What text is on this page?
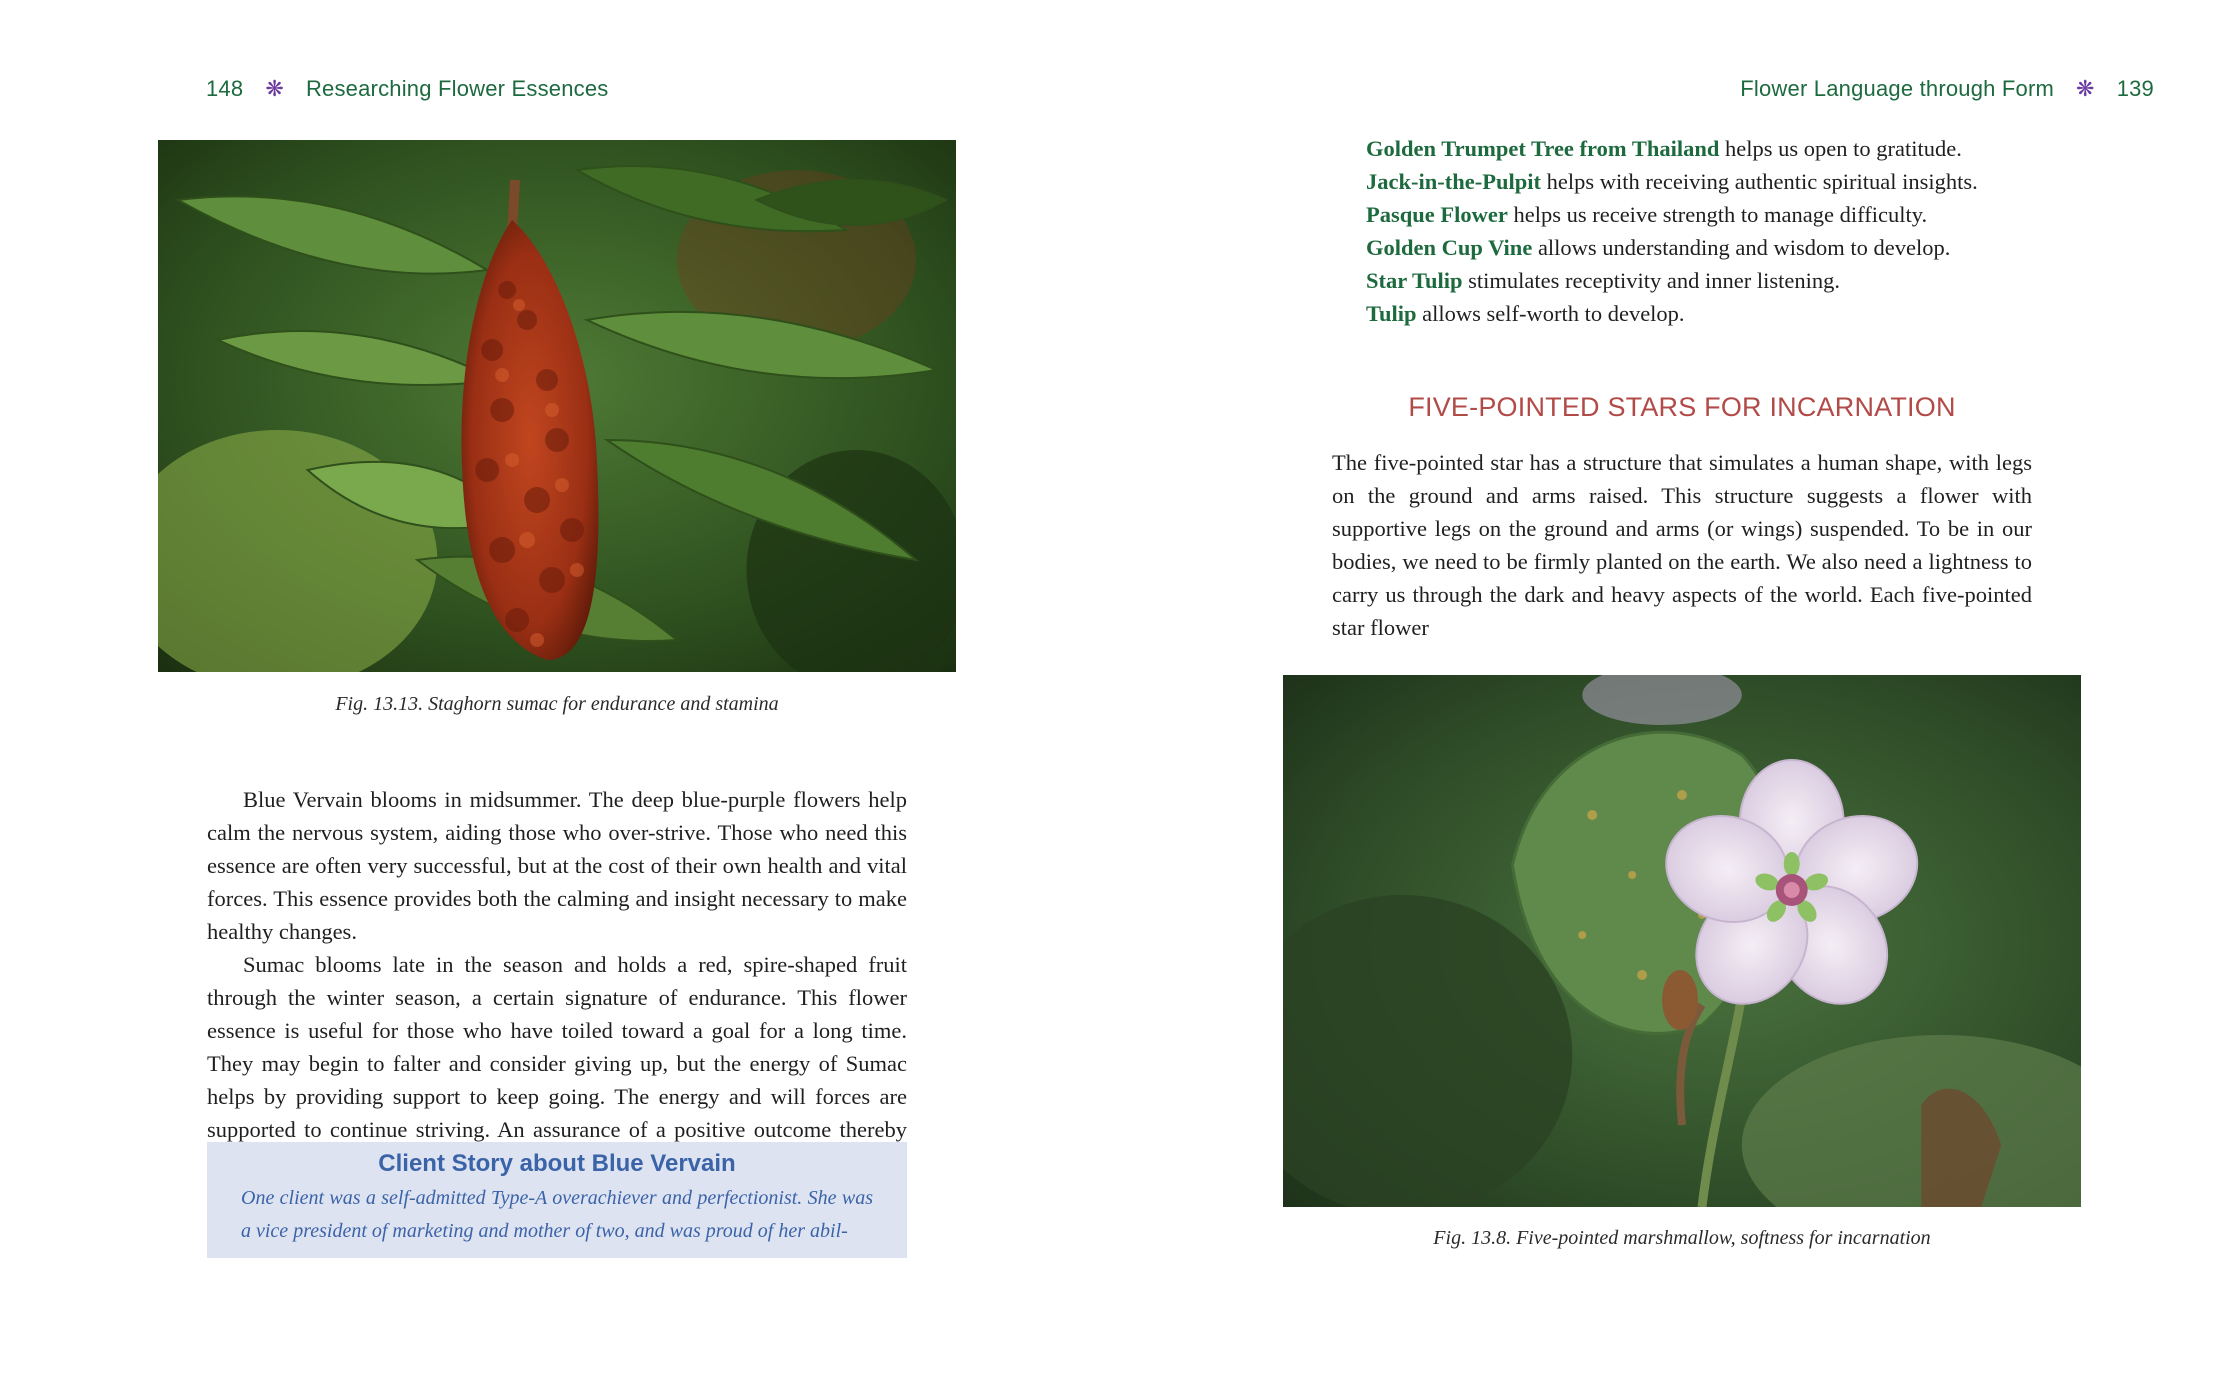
148 ❋ Researching Flower Essences
Fig. 13.13. Staghorn sumac for endurance and stamina

Blue Vervain blooms in midsummer. The deep blue-purple flowers help calm the nervous system, aiding those who over-strive. Those who need this essence are often very successful, but at the cost of their own health and vital forces. This essence provides both the calming and insight necessary to make healthy changes.

Sumac blooms late in the season and holds a red, spire-shaped fruit through the winter season, a certain signature of endurance. This flower essence is useful for those who have toiled toward a goal for a long time. They may begin to falter and consider giving up, but the energy of Sumac helps by providing support to keep going. The energy and will forces are supported to continue striving. An assurance of a positive outcome thereby

Client Story about Blue Vervain
One client was a self-admitted Type-A overachiever and perfectionist. She was a vice president of marketing and mother of two, and was proud of her abil-
Flower Language through Form ❋ 139
Golden Trumpet Tree from Thailand helps us open to gratitude.
Jack-in-the-Pulpit helps with receiving authentic spiritual insights.
Pasque Flower helps us receive strength to manage difficulty.
Golden Cup Vine allows understanding and wisdom to develop.
Star Tulip stimulates receptivity and inner listening.
Tulip allows self-worth to develop.
FIVE-POINTED STARS FOR INCARNATION

The five-pointed star has a structure that simulates a human shape, with legs on the ground and arms raised. This structure suggests a flower with supportive legs on the ground and arms (or wings) suspended. To be in our bodies, we need to be firmly planted on the earth. We also need a lightness to carry us through the dark and heavy aspects of the world. Each five-pointed star flower

Fig. 13.8. Five-pointed marshmallow, softness for incarnation
